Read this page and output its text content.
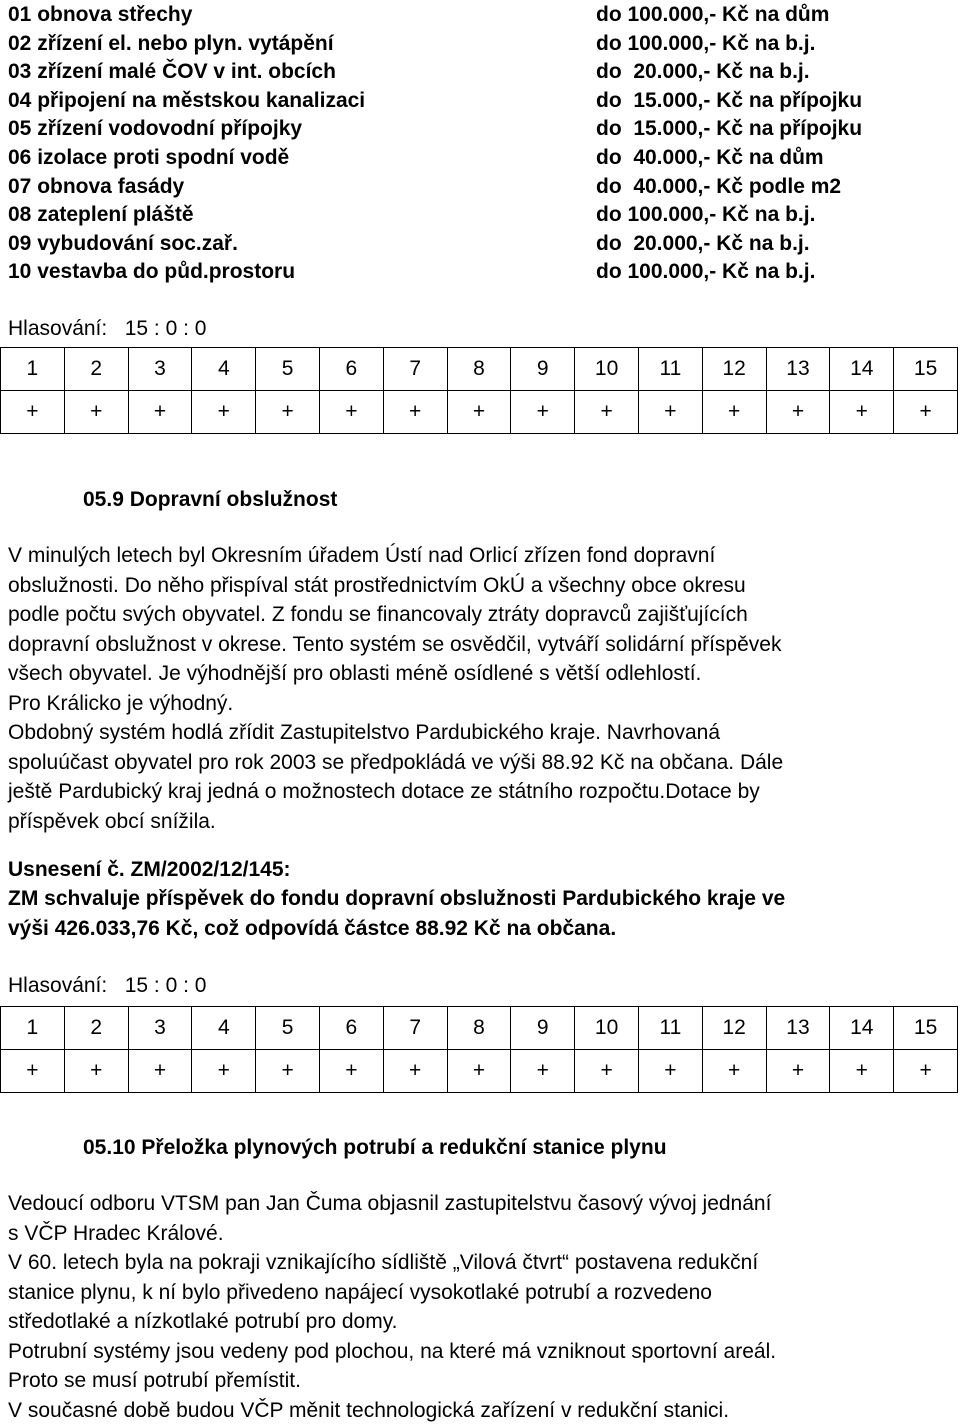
01 obnova střechy	do 100.000,- Kč na dům
02 zřízení el. nebo plyn. vytápění	do 100.000,- Kč na b.j.
03 zřízení malé ČOV v int. obcích	do  20.000,- Kč na b.j.
04 připojení na městskou kanalizaci	do  15.000,- Kč na přípojku
05 zřízení vodovodní přípojky	do  15.000,- Kč na přípojku
06 izolace proti spodní vodě	do  40.000,- Kč na dům
07 obnova fasády	do  40.000,- Kč podle m2
08 zateplení pláště	do 100.000,- Kč na b.j.
09 vybudování soc.zař.	do  20.000,- Kč na b.j.
10 vestavba do půd.prostoru	do 100.000,- Kč na b.j.
Hlasování:   15 : 0 : 0
1	2	3	4	5	6	7	8	9	10	11	12	13	14	15
+	+	+	+	+	+	+	+	+	+	+	+	+	+	+
05.9 Dopravní obslužnost

V minulých letech byl Okresním úřadem Ústí nad Orlicí zřízen fond dopravní

obslužnosti. Do něho přispíval stát prostřednictvím OkÚ a všechny obce okresu

podle počtu svých obyvatel. Z fondu se financovaly ztráty dopravců zajišťujících

dopravní obslužnost v okrese. Tento systém se osvědčil, vytváří solidární příspěvek

všech obyvatel. Je výhodnější pro oblasti méně osídlené s větší odlehlostí.

Pro Králicko je výhodný.

Obdobný systém hodlá zřídit Zastupitelstvo Pardubického kraje. Navrhovaná

spoluúčast obyvatel pro rok 2003 se předpokládá ve výši 88.92 Kč na občana. Dále

ještě Pardubický kraj jedná o možnostech dotace ze státního rozpočtu.Dotace by

příspěvek obcí snížila.

Usnesení č. ZM/2002/12/145:

ZM schvaluje příspěvek do fondu dopravní obslužnosti Pardubického kraje ve

výši 426.033,76 Kč, což odpovídá částce 88.92 Kč na občana.

Hlasování:   15 : 0 : 0
1	2	3	4	5	6	7	8	9	10	11	12	13	14	15
+	+	+	+	+	+	+	+	+	+	+	+	+	+	+
05.10 Přeložka plynových potrubí a redukční stanice plynu

Vedoucí odboru VTSM pan Jan Čuma objasnil zastupitelstvu časový vývoj jednání

s VČP Hradec Králové.

V 60. letech byla na pokraji vznikajícího sídliště „Vilová čtvrt“ postavena redukční

stanice plynu, k ní bylo přivedeno napájecí vysokotlaké potrubí a rozvedeno

středotlaké a nízkotlaké potrubí pro domy.

Potrubní systémy jsou vedeny pod plochou, na které má vzniknout sportovní areál.

Proto se musí potrubí přemístit.

V současné době budou VČP měnit technologická zařízení v redukční stanici.
